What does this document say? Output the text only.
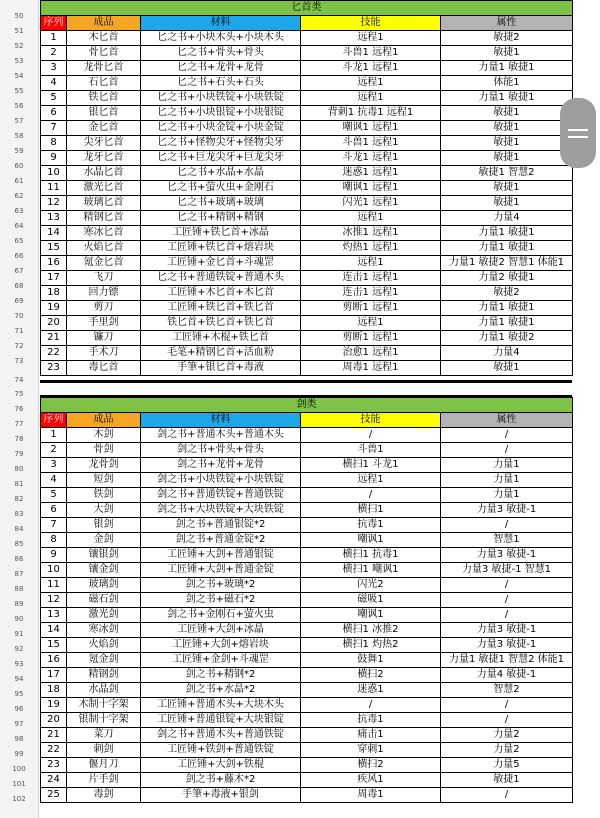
50
51
52
53
54
55
56
57
58
59
60
61
62
63
64
65
66
67
68
69
70
71
72
73
74
75
76
77
78
79
80
81
82
83
84
85
86
87
88
89
90
91
92
93
94
95
96
97
98
99
100
101
102
匕首类				
序列	成品	材料	技能	属性
1	木匕首	匕之书+小块木头+小块木头	远程1	敏捷2
2	骨匕首	匕之书+骨头+骨头	斗兽1 远程1	敏捷1
3	龙骨匕首	匕之书+龙骨+龙骨	斗龙1 远程1	力量1 敏捷1
4	石匕首	匕之书+石头+石头	远程1	体能1
5	铁匕首	匕之书+小块铁锭+小块铁锭	远程1	力量1 敏捷1
6	银匕首	匕之书+小块银锭+小块银锭	背刺1 抗毒1 远程1	敏捷1
7	金匕首	匕之书+小块金锭+小块金锭	嘲讽1 远程1	敏捷1
8	尖牙匕首	匕之书+怪物尖牙+怪物尖牙	斗兽1 远程1	敏捷1
9	龙牙匕首	匕之书+巨龙尖牙+巨龙尖牙	斗龙1 远程1	敏捷1
10	水晶匕首	匕之书+水晶+水晶	迷惑1 远程1	敏捷1 智慧2
11	激光匕首	匕之书+萤火虫+金刚石	嘲讽1 远程1	敏捷1
12	玻璃匕首	匕之书+玻璃+玻璃	闪光1 远程1	敏捷1
13	精钢匕首	匕之书+精钢+精钢	远程1	力量4
14	寒冰匕首	工匠锤+铁匕首+冰晶	冰推1 远程1	力量1 敏捷1
15	火焰匕首	工匠锤+铁匕首+熔岩块	灼热1 远程1	力量1 敏捷1
16	氪金匕首	工匠锤+金匕首+斗魂罡	远程1	力量1 敏捷2 智慧1 体能1
17	飞刀	匕之书+普通铁锭+普通木头	连击1 远程1	力量2 敏捷1
18	回力镖	工匠锤+木匕首+木匕首	连击1 远程1	敏捷2
19	剪刀	工匠锤+铁匕首+铁匕首	剪断1 远程1	力量1 敏捷1
20	手里剑	铁匕首+铁匕首+铁匕首	远程1	力量1 敏捷1
21	镰刀	工匠锤+木棍+铁匕首	剪断1 远程1	力量1 敏捷2
22	手术刀	毛笔+精钢匕首+活血粉	治愈1 远程1	力量4
23	毒匕首	手筆+银匕首+毒液	周毒1 远程1	敏捷1
剑类				
序列	成品	材料	技能	属性
1	木剑	剑之书+普通木头+普通木头	/	/
2	骨剑	剑之书+骨头+骨头	斗兽1	/
3	龙骨剑	剑之书+龙骨+龙骨	横扫1 斗龙1	力量1
4	短剑	剑之书+小块铁锭+小块铁锭	远程1	力量1
5	铁剑	剑之书+普通铁锭+普通铁锭	/	力量1
6	大剑	剑之书+大块铁锭+大块铁锭	横扫1	力量3 敏捷-1
7	银剑	剑之书+普通银锭*2	抗毒1	/
8	金剑	剑之书+普通金锭*2	嘲讽1	智慧1
9	镶银剑	工匠锤+大剑+普通银锭	横扫1 抗毒1	力量3 敏捷-1
10	镶金剑	工匠锤+大剑+普通金锭	横扫1 嘲讽1	力量3 敏捷-1 智慧1
11	玻璃剑	剑之书+玻璃*2	闪光2	/
12	磁石剑	剑之书+磁石*2	磁吸1	/
13	激光剑	剑之书+金刚石+萤火虫	嘲讽1	/
14	寒冰剑	工匠锤+大剑+冰晶	横扫1 冰推2	力量3 敏捷-1
15	火焰剑	工匠锤+大剑+熔岩块	横扫1 灼热2	力量3 敏捷-1
16	氪金剑	工匠锤+金剑+斗魂罡	鼓舞1	力量1 敏捷1 智慧2 体能1
17	精钢剑	剑之书+精钢*2	横扫2	力量4 敏捷-1
18	水晶剑	剑之书+水晶*2	迷惑1	智慧2
19	木制十字架	工匠锤+普通木头+大块木头	/	/
20	银制十字架	工匠锤+普通银锭+大块银锭	抗毒1	/
21	菜刀	剑之书+普通木头+普通铁锭	痛击1	力量2
22	刺剑	工匠锤+铁剑+普通铁锭	穿刺1	力量2
23	偃月刀	工匠锤+大剑+铁棍	横扫2	力量5
24	片手剑	剑之书+藤木*2	疾风1	敏捷1
25	毒剑	手筆+毒液+银剑	周毒1	/
